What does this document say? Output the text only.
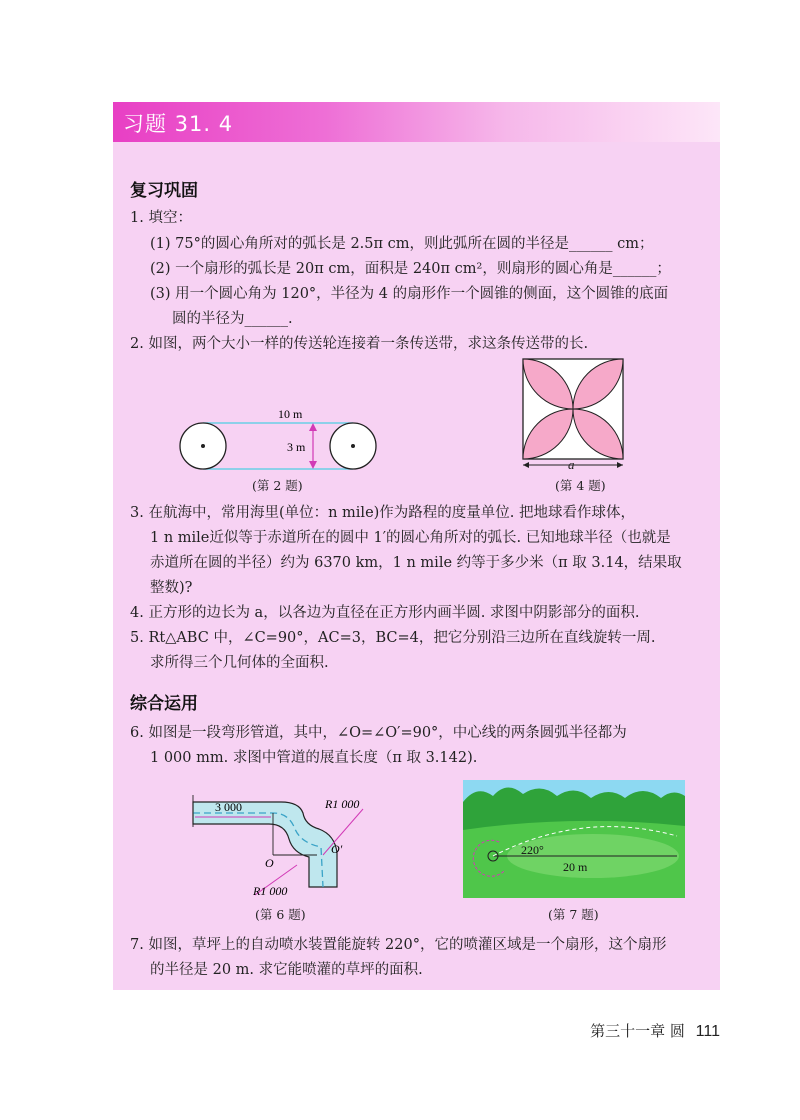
习题 31. 4
复习巩固
1. 填空：
(1) 75°的圆心角所对的弧长是 2.5π cm，则此弧所在圆的半径是______ cm；
(2) 一个扇形的弧长是 20π cm，面积是 240π cm²，则扇形的圆心角是______；
(3) 用一个圆心角为 120°，半径为 4 的扇形作一个圆锥的侧面，这个圆锥的底面
圆的半径为______.
2. 如图，两个大小一样的传送轮连接着一条传送带，求这条传送带的长.
10 m
3 m
(第 2 题)
a
(第 4 题)
3. 在航海中，常用海里(单位：n mile)作为路程的度量单位. 把地球看作球体，
1 n mile近似等于赤道所在的圆中 1′的圆心角所对的弧长. 已知地球半径（也就是
赤道所在圆的半径）约为 6370 km，1 n mile 约等于多少米（π 取 3.14，结果取
整数)?
4. 正方形的边长为 a，以各边为直径在正方形内画半圆. 求图中阴影部分的面积.
5. Rt△ABC 中，∠C=90°，AC=3，BC=4，把它分别沿三边所在直线旋转一周.
求所得三个几何体的全面积.
综合运用
6. 如图是一段弯形管道，其中，∠O=∠O′=90°，中心线的两条圆弧半径都为
1 000 mm. 求图中管道的展直长度（π 取 3.142).
3 000	R1 000
O
O′
R1 000
(第 6 题)
220°
20 m
(第 7 题)
7. 如图，草坪上的自动喷水装置能旋转 220°，它的喷灌区域是一个扇形，这个扇形
的半径是 20 m. 求它能喷灌的草坪的面积.
第三十一章 圆 111
